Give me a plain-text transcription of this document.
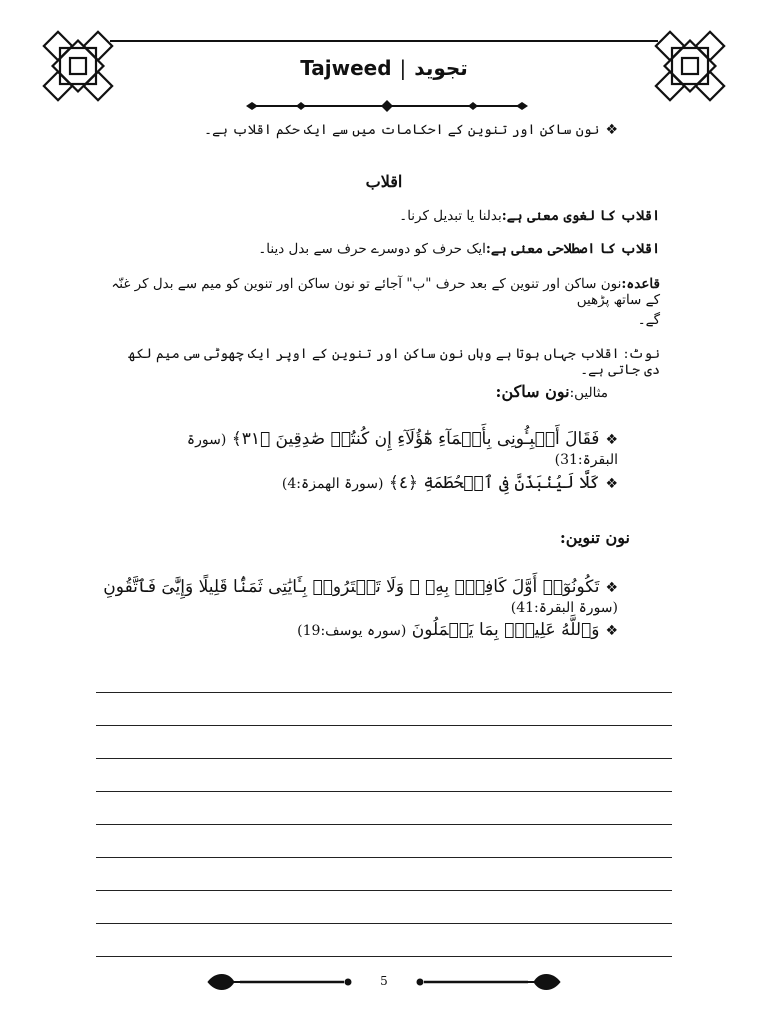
Tajweed | تجوید
❖نون ساکن اور تنوین کے احکامات میں سے ایک حکم اقلاب ہے۔
اقلاب
اقلاب کا لغوی معنٰی ہے:بدلنا یا تبدیل کرنا۔
اقلاب کا اصطلاحی معنٰی ہے:ایک حرف کو دوسرے حرف سے بدل دینا۔
قاعدہ:نون ساکن اور تنوین کے بعد حرف "ب" آجائے تو نون ساکن اور تنوین کو میم سے بدل کر غنّہ کے ساتھ پڑھیں
گے۔
نوٹ: اقلاب جہاں ہوتا ہے وہاں نون ساکن اور تنوین کے اوپر ایک چھوٹی سی میم لکھ دی جاتی ہے۔
مثالیں:نون ساکن:
❖فَقَالَ أَنۢبِـُٔونِى بِأَسۡمَآءِ هَٰٓؤُلَآءِ إِن كُنتُمۡ صَٰدِقِينَ ﴿٣١﴾ (سورۃ البقرۃ:31)
❖كَلَّا لَيُنۢبَذَنَّ فِى ٱلۡحُطَمَةِ ﴿٤﴾ (سورۃ الھمزۃ:4)
نون تنوین:
❖تَكُونُوٓا۟ أَوَّلَ كَافِرٍۭ بِهِۦ ۖ وَلَا تَشۡتَرُوا۟ بِـَٔايَٰتِى ثَمَنًۢا قَلِيلًا وَإِيَّٰىَ فَٱتَّقُونِ (سورۃ البقرۃ:41)
❖وَٱللَّهُ عَلِيمٌۢ بِمَا يَعۡمَلُونَ (سورہ یوسف:19)
5
